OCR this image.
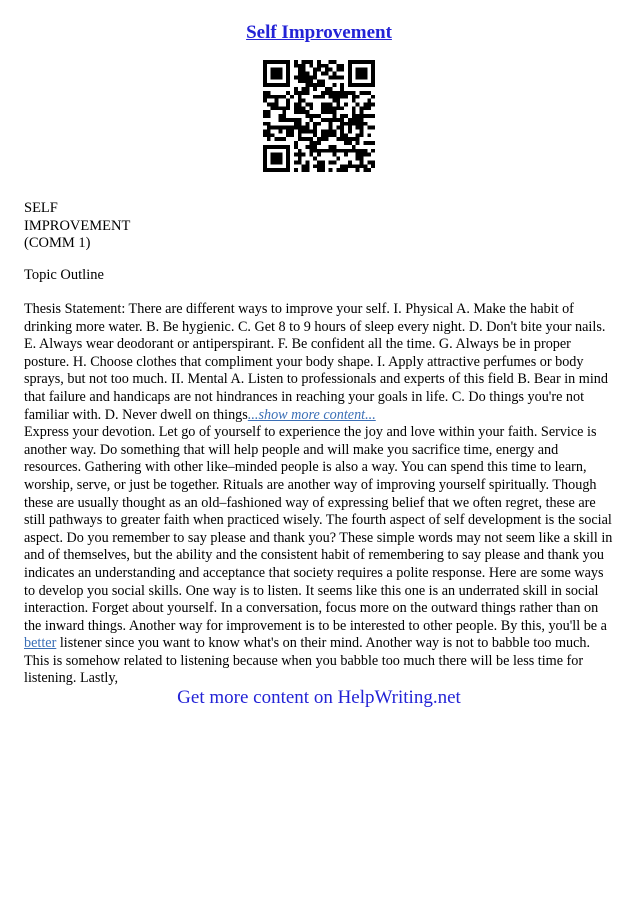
Self Improvement
SELF
IMPROVEMENT
(COMM 1)
Topic Outline

Thesis Statement: There are different ways to improve your self. I. Physical A. Make the habit of drinking more water. B. Be hygienic. C. Get 8 to 9 hours of sleep every night. D. Don't bite your nails. E. Always wear deodorant or antiperspirant. F. Be confident all the time. G. Always be in proper posture. H. Choose clothes that compliment your body shape. I. Apply attractive perfumes or body sprays, but not too much. II. Mental A. Listen to professionals and experts of this field B. Bear in mind that failure and handicaps are not hindrances in reaching your goals in life. C. Do things you're not familiar with. D. Never dwell on things...show more content...

Express your devotion. Let go of yourself to experience the joy and love within your faith. Service is another way. Do something that will help people and will make you sacrifice time, energy and resources. Gathering with other like–minded people is also a way. You can spend this time to learn, worship, serve, or just be together. Rituals are another way of improving yourself spiritually. Though these are usually thought as an old–fashioned way of expressing belief that we often regret, these are still pathways to greater faith when practiced wisely. The fourth aspect of self development is the social aspect. Do you remember to say please and thank you? These simple words may not seem like a skill in and of themselves, but the ability and the consistent habit of remembering to say please and thank you indicates an understanding and acceptance that society requires a polite response. Here are some ways to develop you social skills. One way is to listen. It seems like this one is an underrated skill in social interaction. Forget about yourself. In a conversation, focus more on the outward things rather than on the inward things. Another way for improvement is to be interested to other people. By this, you'll be a better listener since you want to know what's on their mind. Another way is not to babble too much. This is somehow related to listening because when you babble too much there will be less time for listening. Lastly,

Get more content on HelpWriting.net
